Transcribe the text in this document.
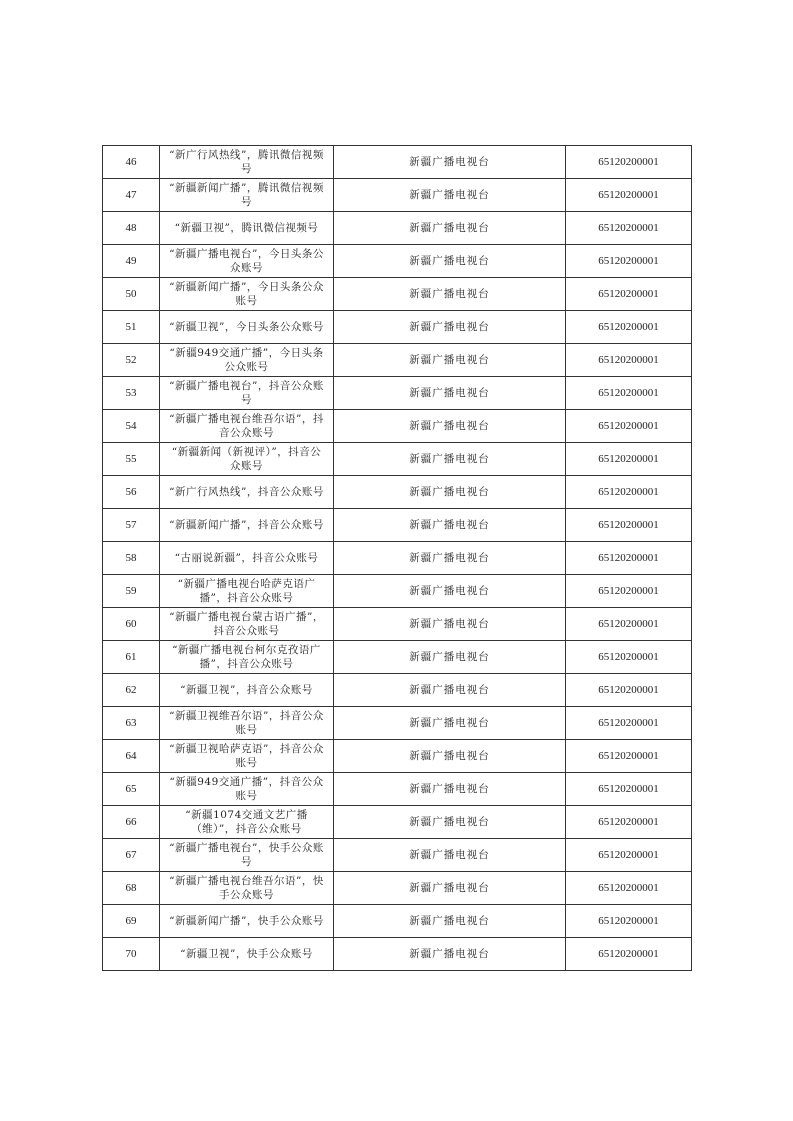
46	“新广行风热线”，腾讯微信视频号	新疆广播电视台	65120200001
47	“新疆新闻广播”，腾讯微信视频号	新疆广播电视台	65120200001
48	“新疆卫视”，腾讯微信视频号	新疆广播电视台	65120200001
49	“新疆广播电视台”，今日头条公众账号	新疆广播电视台	65120200001
50	“新疆新闻广播”，今日头条公众账号	新疆广播电视台	65120200001
51	“新疆卫视”，今日头条公众账号	新疆广播电视台	65120200001
52	“新疆949交通广播”，今日头条公众账号	新疆广播电视台	65120200001
53	“新疆广播电视台”，抖音公众账号	新疆广播电视台	65120200001
54	“新疆广播电视台维吾尔语”，抖音公众账号	新疆广播电视台	65120200001
55	“新疆新闻（新视评）”，抖音公众账号	新疆广播电视台	65120200001
56	“新广行风热线”，抖音公众账号	新疆广播电视台	65120200001
57	“新疆新闻广播”，抖音公众账号	新疆广播电视台	65120200001
58	“古丽说新疆”，抖音公众账号	新疆广播电视台	65120200001
59	“新疆广播电视台哈萨克语广播”，抖音公众账号	新疆广播电视台	65120200001
60	“新疆广播电视台蒙古语广播”，抖音公众账号	新疆广播电视台	65120200001
61	“新疆广播电视台柯尔克孜语广播”，抖音公众账号	新疆广播电视台	65120200001
62	“新疆卫视”，抖音公众账号	新疆广播电视台	65120200001
63	“新疆卫视维吾尔语”，抖音公众账号	新疆广播电视台	65120200001
64	“新疆卫视哈萨克语”，抖音公众账号	新疆广播电视台	65120200001
65	“新疆949交通广播”，抖音公众账号	新疆广播电视台	65120200001
66	“新疆1074交通文艺广播（维）”，抖音公众账号	新疆广播电视台	65120200001
67	“新疆广播电视台”，快手公众账号	新疆广播电视台	65120200001
68	“新疆广播电视台维吾尔语”，快手公众账号	新疆广播电视台	65120200001
69	“新疆新闻广播”，快手公众账号	新疆广播电视台	65120200001
70	“新疆卫视”，快手公众账号	新疆广播电视台	65120200001
